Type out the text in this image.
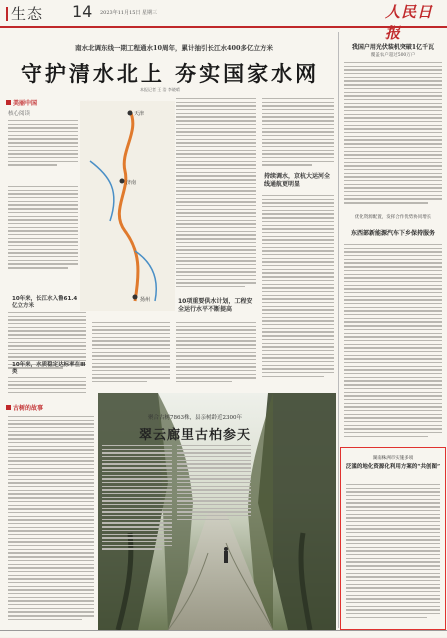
生态 14 2023年11月15日 星期三	人民日报
南水北调东线一期工程通水10周年，累计抽引长江水400多亿立方米
守护清水北上 夯实国家水网
本报记者 王 浩 李晓晴
美丽中国
核心阅读
10年来，长江水入鲁61.4亿立方米
10年来，水质稳定达标率在Ⅲ类
天津
济南
扬州
持续调水，京杭大运河全线通航更明显
10项重要供水计划，工程安全运行水平不断提高
古树的故事
聚合古树7863株，县亲树龄近2300年
翠云廊里古柏参天
我国户用光伏装机突破1亿千瓦
覆盖农户超过500万户
优化资源配置，发挥合作优势协同增长
东西部新能源汽车下乡保持服务
湖南株洲市实施多项
泛滥的地化资源化利用方案的“共创图”
